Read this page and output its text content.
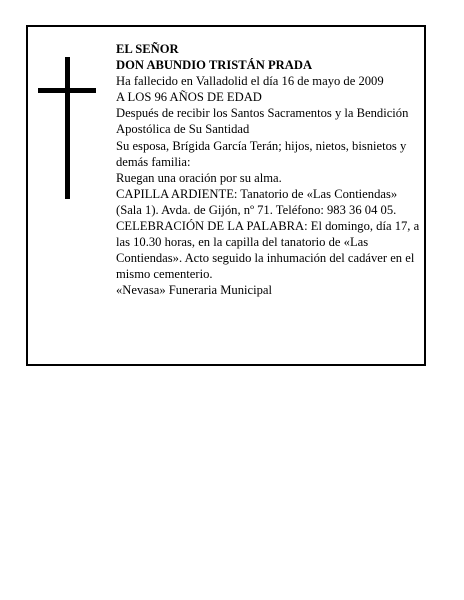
EL SEÑOR

DON ABUNDIO TRISTÁN PRADA

Ha fallecido en Valladolid el día 16 de mayo de 2009

A LOS 96 AÑOS DE EDAD

Después de recibir los Santos Sacramentos y la Bendición Apostólica de Su Santidad

Su esposa, Brígida García Terán; hijos, nietos, bisnietos y demás familia:

Ruegan una oración por su alma.

CAPILLA ARDIENTE: Tanatorio de «Las Contiendas» (Sala 1). Avda. de Gijón, nº 71. Teléfono: 983 36 04 05.

CELEBRACIÓN DE LA PALABRA: El domingo, día 17, a las 10.30 horas, en la capilla del tanatorio de «Las Contiendas». Acto seguido la inhumación del cadáver en el mismo cementerio.

«Nevasa» Funeraria Municipal
